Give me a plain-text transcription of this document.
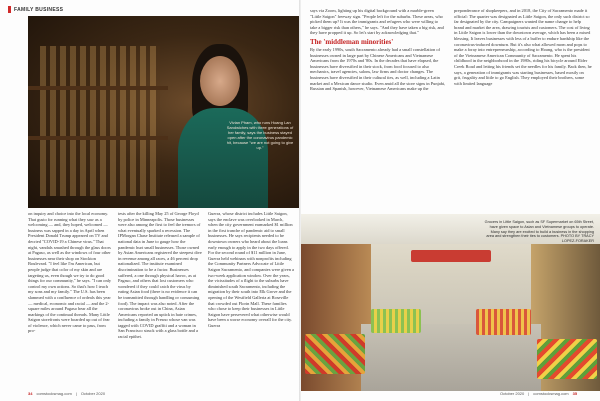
FAMILY BUSINESS
Vivian Pham, who runs Hoang Lan Sandwiches with three generations of her family, says the business stayed open after the coronavirus pandemic hit, because "we are not going to give up."

on inquiry and choice into the local economy. That gusto for running what they saw as a welcoming — and, they hoped, welcomed — business was sapped in a day in April when President Donald Trump appeared on TV and decried "COVID-19 a Chinese virus." That night, vandals smashed through the glass doors at Pagaso, as well as the windows of four other businesses near their shop on Stockton Boulevard. "I feel like I'm American, but people judge that color of my skin and are targeting us, even though we try to do good things for our community," he says. "I can only control my own actions. So that's how I teach my sons and my family." The U.S. has been slammed with a confluence of ordeals this year — medical, economic and racial — and the 2-square miles around Pagaso bear all the markings of the continual threads. Many Little Saigon storefronts were boarded up out of fear of violence, which never came to pass, from pro-

tests after the killing May 25 of George Floyd by police in Minneapolis. Those businesses were also among the first to feel the tremors of what eventually sparked a recession. The IPMorgan Chase Institute released a sample of national data in June to gauge how the pandemic hurt small businesses. Those owned by Asian Americans registered the steepest dive in revenue among all races, a 46 percent drop nationalized. The institute examined discrimination to be a factor. Businesses suffered, a one through physical havoc, as at Pagaso, and others that lost customers who wondered if they could catch the virus by eating Asian food (there is no evidence it can be transmitted through handling or consuming food). The impact was also noted. After the coronavirus broke out in China, Asian Americans reported an uptick in hate crimes, including a family in Fresno whose van was tagged with COVID graffiti and a woman in San Francisco struck with a glass bottle and a racial epithet.

Guerra, whose district includes Little Saigon, says the enclave was overlooked in March, when the city government earmarked $1 million in the first tranche of pandemic aid to small businesses. He says recipients needed to be downtown owners who heard about the loans early enough to apply in the two days offered. For the second round of $11 million in June, Guerra held webinars with nonprofits including the Community Partners Advocate of Little Saigon Sacramento, and companies were given a two-week application window. Over the years, the vicissitudes of a flight to the suburbs have diminished south Sacramento, including the migration by their south into Elk Grove and the opening of the Westfield Galleria at Roseville that crowded out Florin Mall. These families who chose to keep their businesses in Little Saigon have persevered what otherwise would have been a worse economy overall for the city. Guerra

says via Zoom, lighting up his digital background with a marble-green "Little Saigon" freeway sign. "People left for the suburbs. These areas, who picked them up? It was the immigrants and refugees who were willing to take a bigger risk than others," he says. "And they have taken a big risk, and they have propped it up. So let's start by acknowledging that."

The 'middleman minorities'

By the early 1990s, south Sacramento already had a small constellation of businesses owned in large part by Chinese Americans and Vietnamese Americans from the 1970s and '80s. In the decades that have elapsed, the businesses have diversified in their stock, from food focused to also mechanics, travel agencies, salons, law firms and doctor changes. The businesses have diversified in their cultural ties, as well, including a Latin market and a Mexican dance studio. Even amid all the store signs in Punjabi, Russian and Spanish, however, Vietnamese Americans make up the

preponderance of shopkeepers, and in 2018, the City of Sacramento made it official: The quarter was designated as Little Saigon, the only such district so far designated by the city. Campaigners wanted the name change to help brand and market the area, drawing tourists and customers. The cost of living in Little Saigon is lower than the downtown average, which has been a mixed blessing. It leaves businesses with less of a buffer to endure hardship like the coronavirus-induced downturn. But it's also what allowed mom and pops to make a foray into entrepreneurship, according to Hoang, who is the president of the Vietnamese American Community of Sacramento. He spent his childhood in the neighborhood in the 1980s, riding his bicycle around Elder Creek Road and letting his friends set the needles for his family. Back then, he says, a generation of immigrants was starting businesses, based mostly on grit, frugality and little to go English. They employed their brothers, some with limited language

Grocers in Little Saigon, such as SF Supermarket on 65th Street, have given space to Asian and Vietnamese groups to operate. Many say they are excited to build a business in the shopping area and strengthen their ties to customers. PHOTO BY TRACY LOPEZ-FORAKER
34 comstocksmag.com | October 2020	October 2020 | comstocksmag.com 35
